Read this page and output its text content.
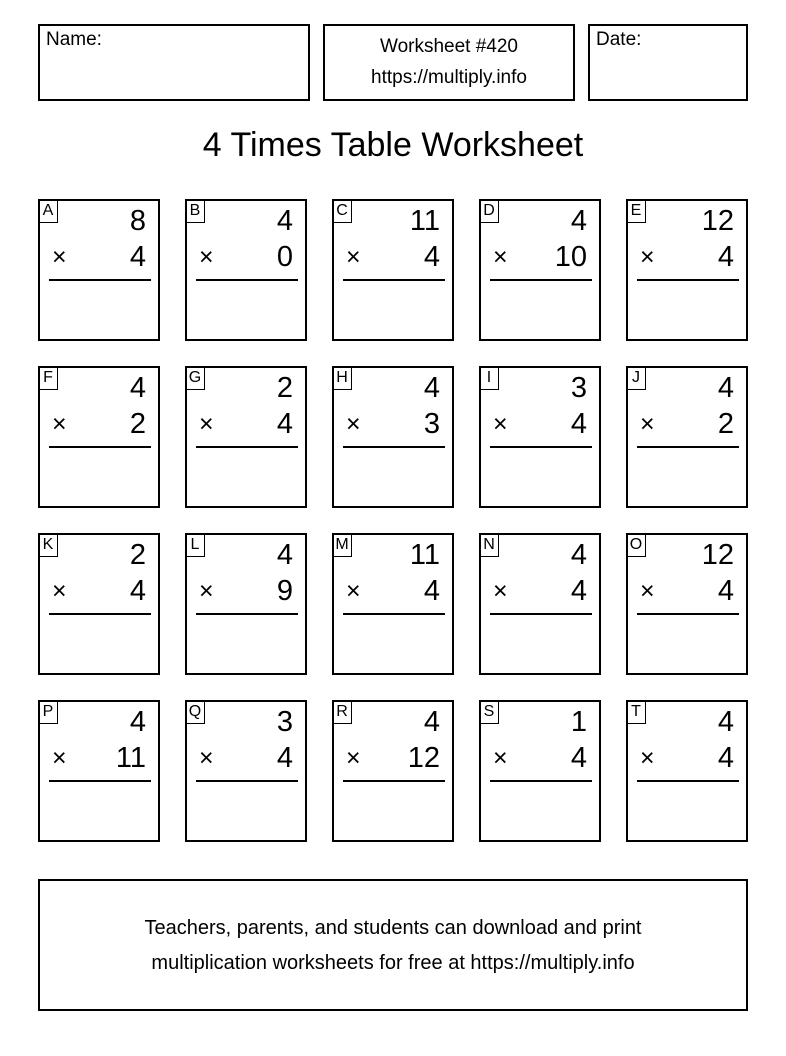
Name:	Worksheet #420
https://multiply.info
Date:
4 Times Table Worksheet
A	8
× 4
B	4
× 0
C 11
× 4
D	4
× 10
E 12
× 4
F	4
× 2
G	2
× 4
H	4
× 3
I	3
× 4
J	4
× 2
K	2
× 4
L	4
× 9
M 11
× 4
N	4
× 4
O 12
× 4
P	4
× 11
Q	3
× 4
R	4
× 12
S	1
× 4
T	4
× 4
Teachers, parents, and students can download and print
multiplication worksheets for free at https://multiply.info
